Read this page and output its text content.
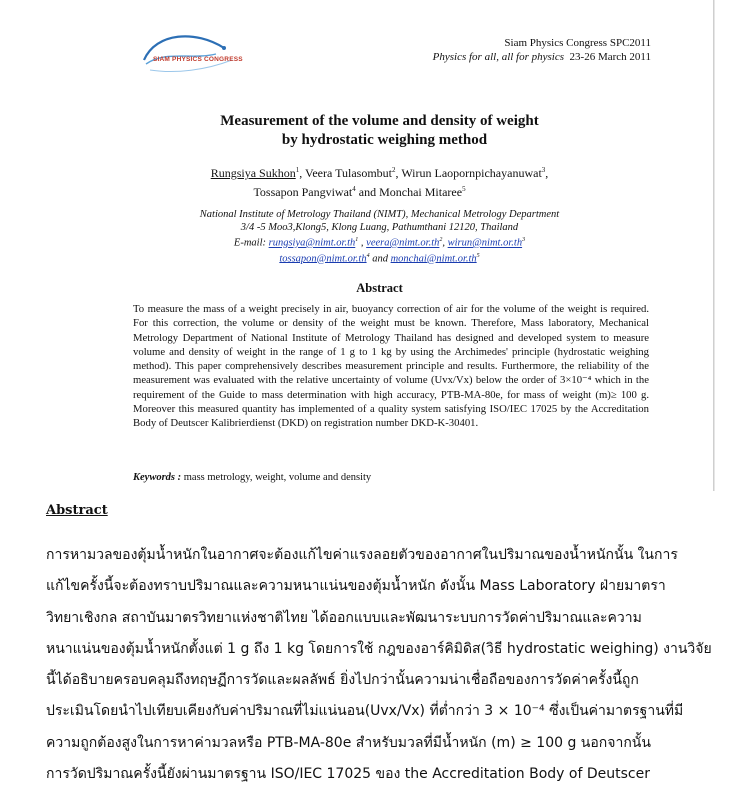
SIAM PHYSICS CONGRESS
Siam Physics Congress SPC2011
Physics for all, all for physics 23-26 March 2011
Measurement of the volume and density of weight
by hydrostatic weighing method
Rungsiya Sukhon$^1$, Veera Tulasombut$^2$, Wirun Laopornpichayanuwat$^3$,
Tossapon Pangviwat$^4$ and Monchai Mitaree$^5$
National Institute of Metrology Thailand (NIMT), Mechanical Metrology Department
3/4 -5 Moo3,Klong5, Klong Luang, Pathumthani 12120, Thailand
E-mail: $rungsiya@nimt.or.th^1$ , $veera@nimt.or.th^2$, $wirun@nimt.or.th^3$
$tossapon@nimt.or.th^4$ and $monchai@nimt.or.th^5$
Abstract
To measure the mass of a weight precisely in air, buoyancy correction of air for the volume of the weight is required. For this correction, the volume or density of the weight must be known. Therefore, Mass laboratory, Mechanical Metrology Department of National Institute of Metrology Thailand has designed and developed system to measure volume and density of weight in the range of 1 g to 1 kg by using the Archimedes' principle (hydrostatic weighing method). This paper comprehensively describes measurement principle and results. Furthermore, the reliability of the measurement was evaluated with the relative uncertainty of volume (Uvx/Vx) below the order of 3×10⁻⁴ which in the requirement of the Guide to mass determination with high accuracy, PTB-MA-80e, for mass of weight (m)≥ 100 g. Moreover this measured quantity has implemented of a quality system satisfying ISO/IEC 17025 by the Accreditation Body of Deutscer Kalibrierdienst (DKD) on registration number DKD-K-30401.
Keywords : mass metrology, weight, volume and density
Abstract
การหามวลของตุ้มน้ำหนักในอากาศจะต้องแก้ไขค่าแรงลอยตัวของอากาศในปริมาณของน้ำหนักนั้น ในการ
แก้ไขครั้งนี้จะต้องทราบปริมาณและความหนาแน่นของตุ้มน้ำหนัก ดังนั้น Mass Laboratory ฝ่ายมาตรา
วิทยาเชิงกล สถาบันมาตรวิทยาแห่งชาติไทย ได้ออกแบบและพัฒนาระบบการวัดค่าปริมาณและความ
หนาแน่นของตุ้มน้ำหนักตั้งแต่ 1 g ถึง 1 kg โดยการใช้ กฎของอาร์คิมิดิส(วิธี hydrostatic weighing) งานวิจัย
นี้ได้อธิบายครอบคลุมถึงทฤษฏีการวัดและผลลัพธ์ ยิ่งไปกว่านั้นความน่าเชื่อถือของการวัดค่าครั้งนี้ถูก
ประเมินโดยนำไปเทียบเคียงกับค่าปริมาณที่ไม่แน่นอน(Uvx/Vx) ที่ต่ำกว่า 3 × 10⁻⁴ ซึ่งเป็นค่ามาตรฐานที่มี
ความถูกต้องสูงในการหาค่ามวลหรือ PTB-MA-80e สำหรับมวลที่มีน้ำหนัก (m) ≥ 100 g นอกจากนั้น
การวัดปริมาณครั้งนี้ยังผ่านมาตรฐาน ISO/IEC 17025 ของ the Accreditation Body of Deutscer
